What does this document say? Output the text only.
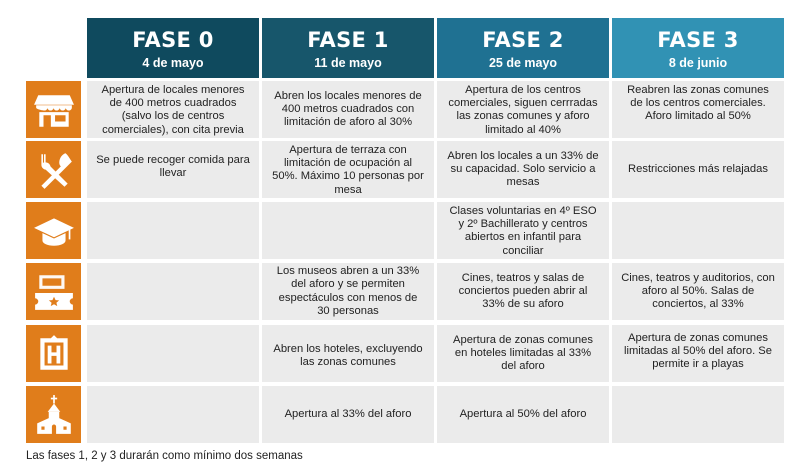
FASE 0
4 de mayo
FASE 1
11 de mayo
FASE 2
25 de mayo
FASE 3
8 de junio
Apertura de locales menores de 400 metros cuadrados (salvo los de centros comerciales), con cita previa
Abren los locales menores de 400 metros cuadrados con limitación de aforo al 30%
Apertura de los centros comerciales, siguen cerrradas las zonas comunes y aforo limitado al 40%
Reabren las zonas comunes de los centros comerciales. Aforo limitado al 50%
Se puede recoger comida para llevar
Apertura de terraza con limitación de ocupación al 50%. Máximo 10 personas por mesa
Abren los locales a un 33% de su capacidad. Solo servicio a mesas
Restricciones más relajadas
Clases voluntarias en 4º ESO y 2º Bachillerato y centros abiertos en infantil para conciliar
Los museos abren a un 33% del aforo y se permiten espectáculos con menos de 30 personas
Cines, teatros y salas de conciertos pueden abrir al 33% de su aforo
Cines, teatros y auditorios, con aforo al 50%. Salas de conciertos, al 33%
Abren los hoteles, excluyendo las zonas comunes
Apertura de zonas comunes en hoteles limitadas al 33% del aforo
Apertura de zonas comunes limitadas al 50% del aforo. Se permite ir a playas
Apertura al 33% del aforo	Apertura al 50% del aforo
Las fases 1, 2 y 3 durarán como mínimo dos semanas
